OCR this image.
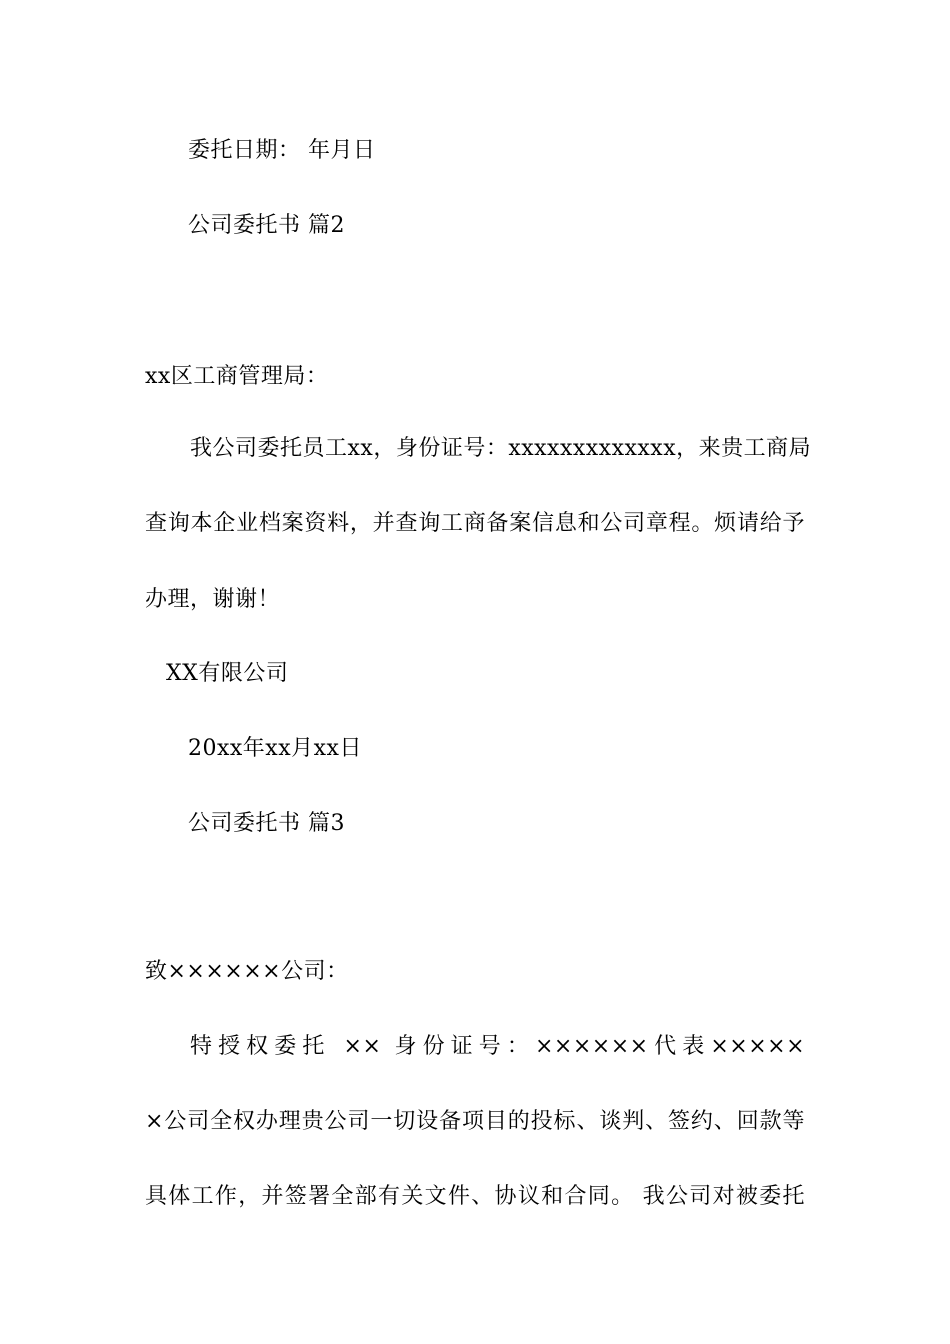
委托日期： 年月日
公司委托书 篇2
xx区工商管理局：
我公司委托员工xx，身份证号：xxxxxxxxxxxxx，来贵工商局
查询本企业档案资料，并查询工商备案信息和公司章程。烦请给予
办理，谢谢！
XX有限公司
20xx年xx月xx日
公司委托书 篇3
致××××××公司：
特授权委托 ×× 身份证号：××××××代表×××××
×公司全权办理贵公司一切设备项目的投标、谈判、签约、回款等
具体工作，并签署全部有关文件、协议和合同。 我公司对被委托
